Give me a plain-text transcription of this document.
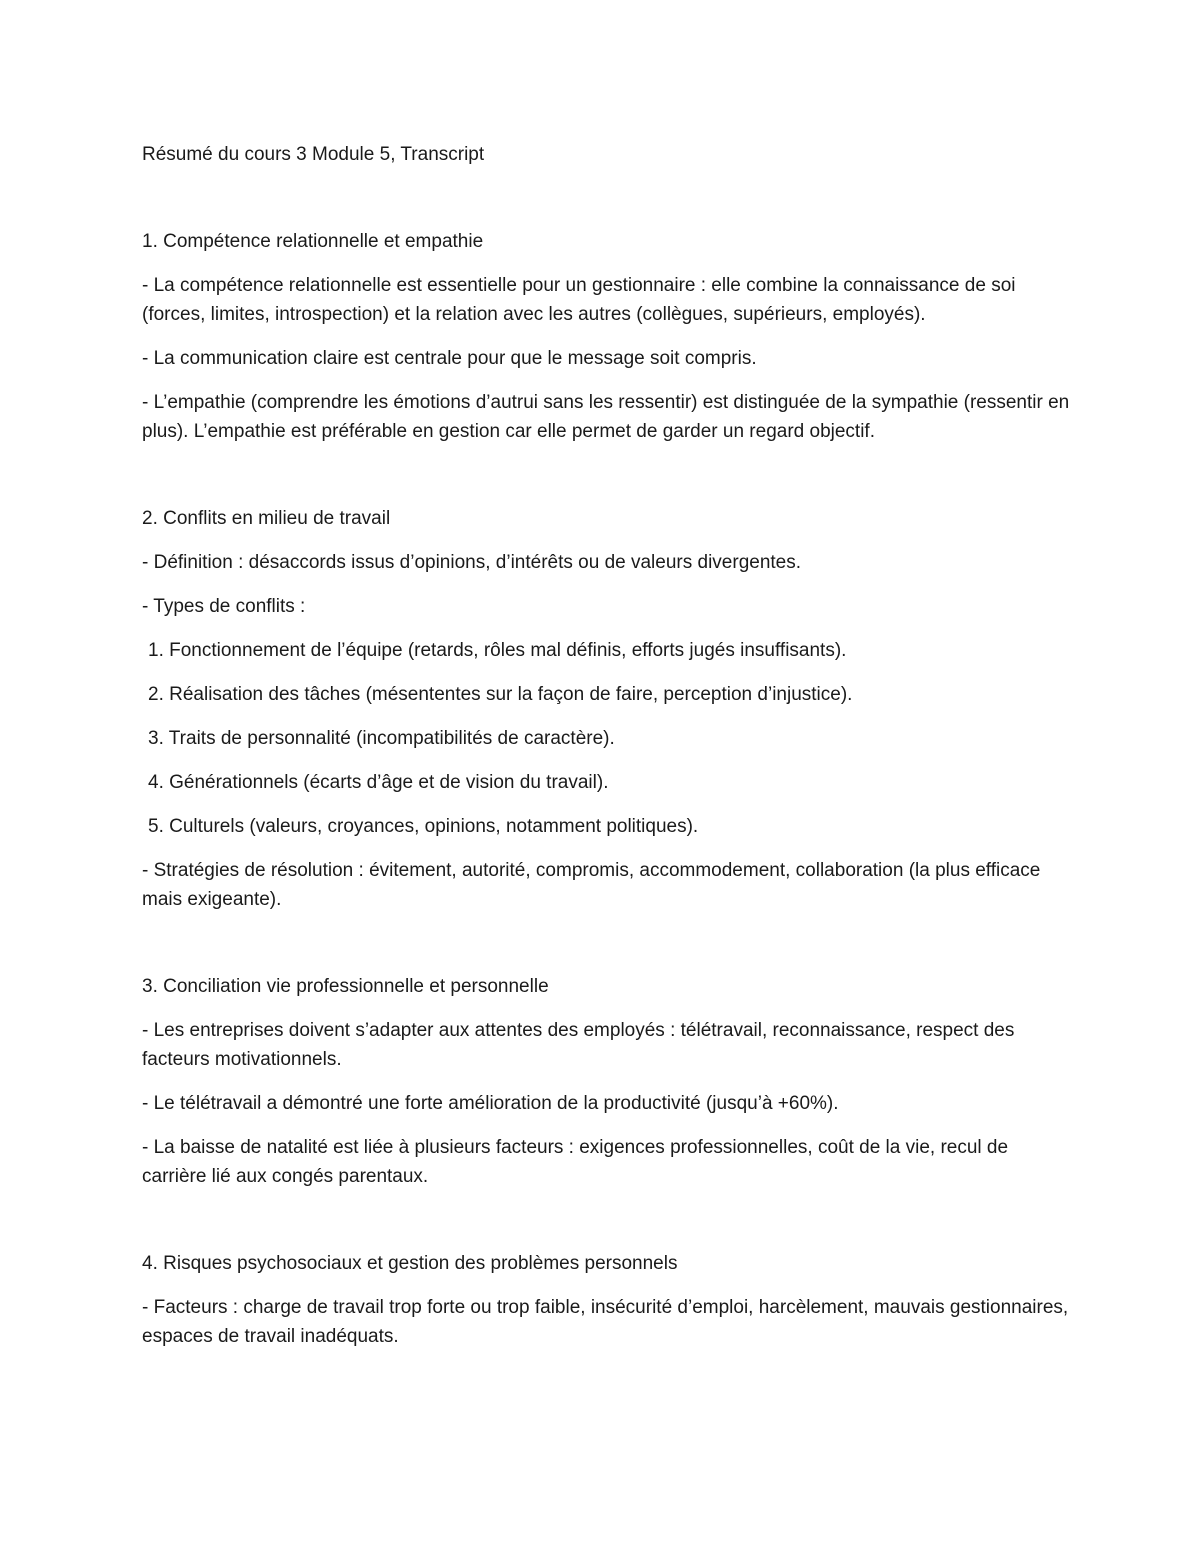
Résumé du cours 3 Module 5, Transcript
1. Compétence relationnelle et empathie
- La compétence relationnelle est essentielle pour un gestionnaire : elle combine la connaissance de soi (forces, limites, introspection) et la relation avec les autres (collègues, supérieurs, employés).
- La communication claire est centrale pour que le message soit compris.
- L’empathie (comprendre les émotions d’autrui sans les ressentir) est distinguée de la sympathie (ressentir en plus). L’empathie est préférable en gestion car elle permet de garder un regard objectif.
2. Conflits en milieu de travail
- Définition : désaccords issus d’opinions, d’intérêts ou de valeurs divergentes.
- Types de conflits :
1. Fonctionnement de l’équipe (retards, rôles mal définis, efforts jugés insuffisants).
2. Réalisation des tâches (mésententes sur la façon de faire, perception d’injustice).
3. Traits de personnalité (incompatibilités de caractère).
4. Générationnels (écarts d’âge et de vision du travail).
5. Culturels (valeurs, croyances, opinions, notamment politiques).
- Stratégies de résolution : évitement, autorité, compromis, accommodement, collaboration (la plus efficace mais exigeante).
3. Conciliation vie professionnelle et personnelle
- Les entreprises doivent s’adapter aux attentes des employés : télétravail, reconnaissance, respect des facteurs motivationnels.
- Le télétravail a démontré une forte amélioration de la productivité (jusqu’à +60%).
- La baisse de natalité est liée à plusieurs facteurs : exigences professionnelles, coût de la vie, recul de carrière lié aux congés parentaux.
4. Risques psychosociaux et gestion des problèmes personnels
- Facteurs : charge de travail trop forte ou trop faible, insécurité d’emploi, harcèlement, mauvais gestionnaires, espaces de travail inadéquats.
